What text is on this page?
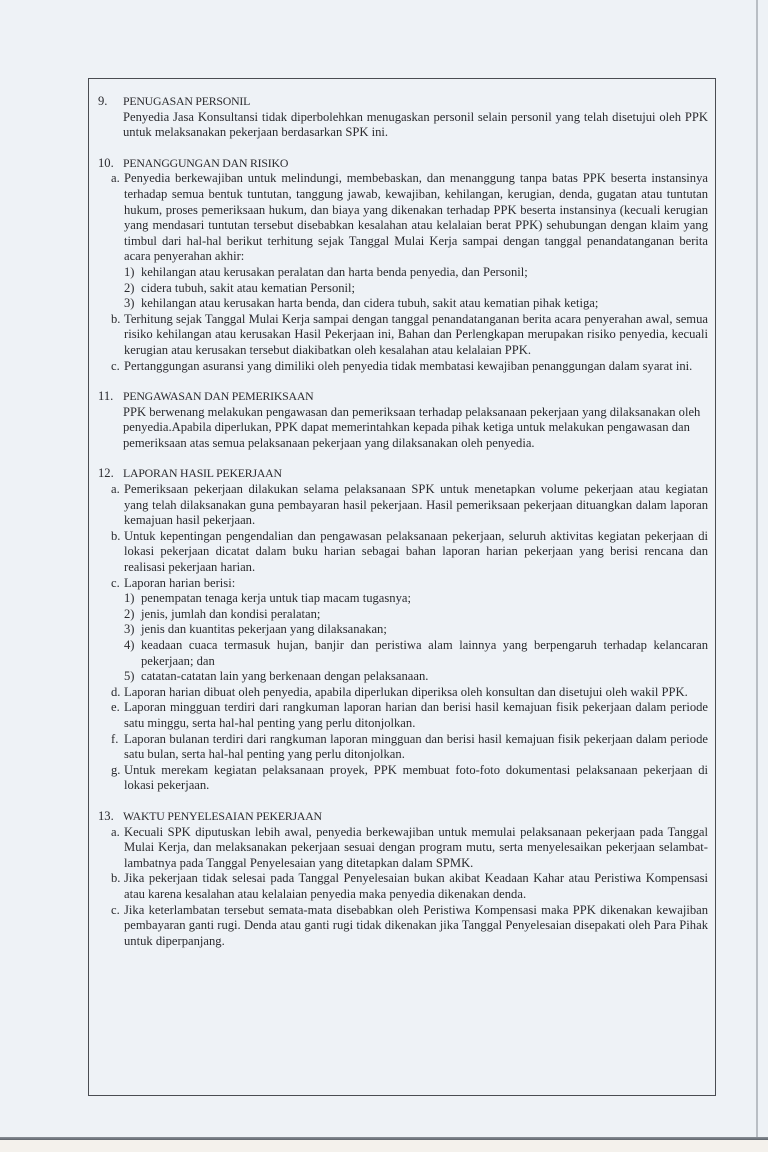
9.	PENUGASAN PERSONIL
Penyedia Jasa Konsultansi tidak diperbolehkan menugaskan personil selain personil yang telah disetujui oleh PPK untuk melaksanakan pekerjaan berdasarkan SPK ini.
10. PENANGGUNGAN DAN RISIKO
a. Penyedia berkewajiban untuk melindungi, membebaskan, dan menanggung tanpa batas PPK beserta instansinya terhadap semua bentuk tuntutan, tanggung jawab, kewajiban, kehilangan, kerugian, denda, gugatan atau tuntutan hukum, proses pemeriksaan hukum, dan biaya yang dikenakan terhadap PPK beserta instansinya (kecuali kerugian yang mendasari tuntutan tersebut disebabkan kesalahan atau kelalaian berat PPK) sehubungan dengan klaim yang timbul dari hal-hal berikut terhitung sejak Tanggal Mulai Kerja sampai dengan tanggal penandatanganan berita acara penyerahan akhir:
1) kehilangan atau kerusakan peralatan dan harta benda penyedia, dan Personil;
2) cidera tubuh, sakit atau kematian Personil;
3) kehilangan atau kerusakan harta benda, dan cidera tubuh, sakit atau kematian pihak ketiga;
b. Terhitung sejak Tanggal Mulai Kerja sampai dengan tanggal penandatanganan berita acara penyerahan awal, semua risiko kehilangan atau kerusakan Hasil Pekerjaan ini, Bahan dan Perlengkapan merupakan risiko penyedia, kecuali kerugian atau kerusakan tersebut diakibatkan oleh kesalahan atau kelalaian PPK.
c. Pertanggungan asuransi yang dimiliki oleh penyedia tidak membatasi kewajiban penanggungan dalam syarat ini.
11. PENGAWASAN DAN PEMERIKSAAN
PPK berwenang melakukan pengawasan dan pemeriksaan terhadap pelaksanaan pekerjaan yang dilaksanakan oleh penyedia.Apabila diperlukan, PPK dapat memerintahkan kepada pihak ketiga untuk melakukan pengawasan dan pemeriksaan atas semua pelaksanaan pekerjaan yang dilaksanakan oleh penyedia.
12. LAPORAN HASIL PEKERJAAN
a. Pemeriksaan pekerjaan dilakukan selama pelaksanaan SPK untuk menetapkan volume pekerjaan atau kegiatan yang telah dilaksanakan guna pembayaran hasil pekerjaan. Hasil pemeriksaan pekerjaan dituangkan dalam laporan kemajuan hasil pekerjaan.
b. Untuk kepentingan pengendalian dan pengawasan pelaksanaan pekerjaan, seluruh aktivitas kegiatan pekerjaan di lokasi pekerjaan dicatat dalam buku harian sebagai bahan laporan harian pekerjaan yang berisi rencana dan realisasi pekerjaan harian.
c. Laporan harian berisi:
1) penempatan tenaga kerja untuk tiap macam tugasnya;
2) jenis, jumlah dan kondisi peralatan;
3) jenis dan kuantitas pekerjaan yang dilaksanakan;
4) keadaan cuaca termasuk hujan, banjir dan peristiwa alam lainnya yang berpengaruh terhadap kelancaran pekerjaan; dan
5) catatan-catatan lain yang berkenaan dengan pelaksanaan.
d. Laporan harian dibuat oleh penyedia, apabila diperlukan diperiksa oleh konsultan dan disetujui oleh wakil PPK.
e. Laporan mingguan terdiri dari rangkuman laporan harian dan berisi hasil kemajuan fisik pekerjaan dalam periode satu minggu, serta hal-hal penting yang perlu ditonjolkan.
f. Laporan bulanan terdiri dari rangkuman laporan mingguan dan berisi hasil kemajuan fisik pekerjaan dalam periode satu bulan, serta hal-hal penting yang perlu ditonjolkan.
g. Untuk merekam kegiatan pelaksanaan proyek, PPK membuat foto-foto dokumentasi pelaksanaan pekerjaan di lokasi pekerjaan.
13. WAKTU PENYELESAIAN PEKERJAAN
a. Kecuali SPK diputuskan lebih awal, penyedia berkewajiban untuk memulai pelaksanaan pekerjaan pada Tanggal Mulai Kerja, dan melaksanakan pekerjaan sesuai dengan program mutu, serta menyelesaikan pekerjaan selambat-lambatnya pada Tanggal Penyelesaian yang ditetapkan dalam SPMK.
b. Jika pekerjaan tidak selesai pada Tanggal Penyelesaian bukan akibat Keadaan Kahar atau Peristiwa Kompensasi atau karena kesalahan atau kelalaian penyedia maka penyedia dikenakan denda.
c. Jika keterlambatan tersebut semata-mata disebabkan oleh Peristiwa Kompensasi maka PPK dikenakan kewajiban pembayaran ganti rugi. Denda atau ganti rugi tidak dikenakan jika Tanggal Penyelesaian disepakati oleh Para Pihak untuk diperpanjang.
